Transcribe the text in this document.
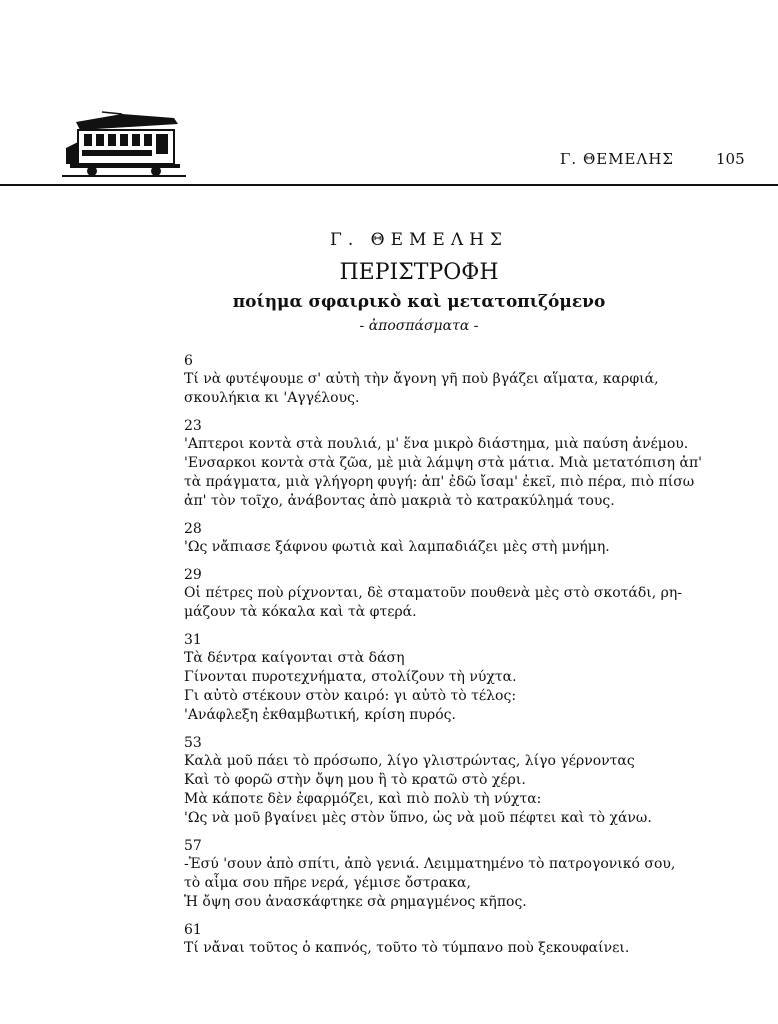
Γ. ΘΕΜΕΛΗΣ	105
Γ. ΘΕΜΕΛΗΣ
ΠΕΡΙΣΤΡΟΦΗ
ποίημα σφαιρικὸ καὶ μετατοπιζόμενο
- ἀποσπάσματα -
6
Τί νὰ φυτέψουμε σ' αὐτὴ τὴν ἄγονη γῆ ποὺ βγάζει αἵματα, καρφιά,
σκουλήκια κι 'Αγγέλους.
23
'Απτεροι κοντὰ στὰ πουλιά, μ' ἕνα μικρὸ διάστημα, μιὰ παύση ἀνέμου.
'Ενσαρκοι κοντὰ στὰ ζῶα, μὲ μιὰ λάμψη στὰ μάτια. Μιὰ μετατόπιση ἀπ'
τὰ πράγματα, μιὰ γλήγορη φυγή: ἀπ' ἐδῶ ἴσαμ' ἐκεῖ, πιὸ πέρα, πιὸ πίσω
ἀπ' τὸν τοῖχο, ἀνάβοντας ἀπὸ μακριὰ τὸ κατρακύλημά τους.
28
'Ως νἄπιασε ξάφνου φωτιὰ καὶ λαμπαδιάζει μὲς στὴ μνήμη.
29
Οἱ πέτρες ποὺ ρίχνονται, δὲ σταματοῦν πουθενὰ μὲς στὸ σκοτάδι, ρη-
μάζουν τὰ κόκαλα καὶ τὰ φτερά.
31
Τὰ δέντρα καίγονται στὰ δάση
Γίνονται πυροτεχνήματα, στολίζουν τὴ νύχτα.
Γι αὐτὸ στέκουν στὸν καιρό: γι αὐτὸ τὸ τέλος:
'Ανάφλεξη ἐκθαμβωτική, κρίση πυρός.
53
Καλὰ μοῦ πάει τὸ πρόσωπο, λίγο γλιστρώντας, λίγο γέρνοντας
Καὶ τὸ φορῶ στὴν ὄψη μου ἢ τὸ κρατῶ στὸ χέρι.
Μὰ κάποτε δὲν ἐφαρμόζει, καὶ πιὸ πολὺ τὴ νύχτα:
'Ως νὰ μοῦ βγαίνει μὲς στὸν ὕπνο, ὡς νὰ μοῦ πέφτει καὶ τὸ χάνω.
57
-Ἐσύ 'σουν ἀπὸ σπίτι, ἀπὸ γενιά. Λειμματημένο τὸ πατρογονικό σου,
τὸ αἷμα σου πῆρε νερά, γέμισε ὄστρακα,
Ἡ ὄψη σου ἀνασκάφτηκε σὰ ρημαγμένος κῆπος.
61
Τί νἄναι τοῦτος ὁ καπνός, τοῦτο τὸ τύμπανο ποὺ ξεκουφαίνει.
